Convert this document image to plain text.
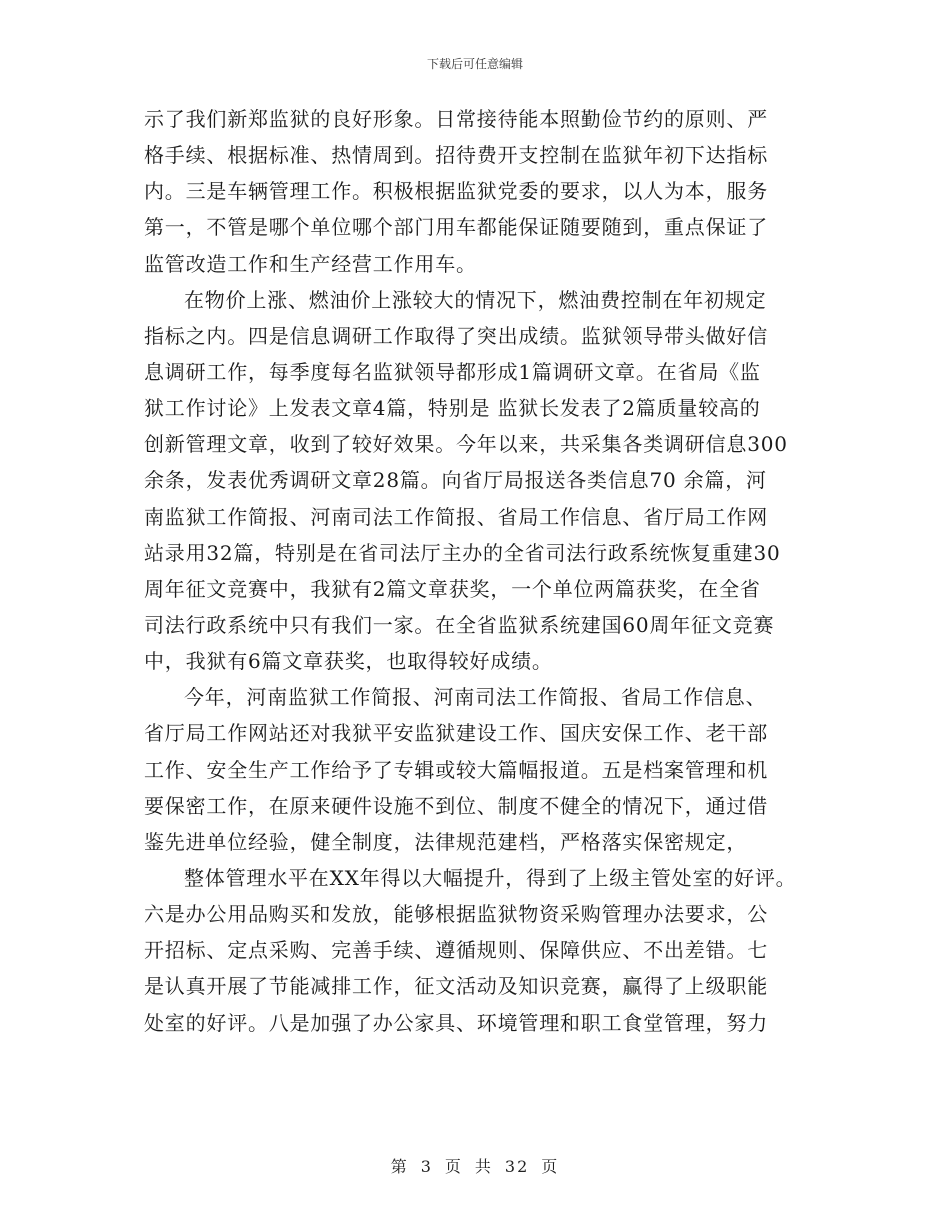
下载后可任意编辑
示了我们新郑监狱的良好形象。日常接待能本照勤俭节约的原则、严
格手续、根据标准、热情周到。招待费开支控制在监狱年初下达指标
内。三是车辆管理工作。积极根据监狱党委的要求，以人为本，服务
第一，不管是哪个单位哪个部门用车都能保证随要随到，重点保证了
监管改造工作和生产经营工作用车。
在物价上涨、燃油价上涨较大的情况下，燃油费控制在年初规定
指标之内。四是信息调研工作取得了突出成绩。监狱领导带头做好信
息调研工作，每季度每名监狱领导都形成1篇调研文章。在省局《监
狱工作讨论》上发表文章4篇，特别是 监狱长发表了2篇质量较高的
创新管理文章，收到了较好效果。今年以来，共采集各类调研信息300
余条，发表优秀调研文章28篇。向省厅局报送各类信息70 余篇，河
南监狱工作简报、河南司法工作简报、省局工作信息、省厅局工作网
站录用32篇，特别是在省司法厅主办的全省司法行政系统恢复重建30
周年征文竞赛中，我狱有2篇文章获奖，一个单位两篇获奖，在全省
司法行政系统中只有我们一家。在全省监狱系统建国60周年征文竞赛
中，我狱有6篇文章获奖，也取得较好成绩。
今年，河南监狱工作简报、河南司法工作简报、省局工作信息、
省厅局工作网站还对我狱平安监狱建设工作、国庆安保工作、老干部
工作、安全生产工作给予了专辑或较大篇幅报道。五是档案管理和机
要保密工作，在原来硬件设施不到位、制度不健全的情况下，通过借
鉴先进单位经验，健全制度，法律规范建档，严格落实保密规定，
整体管理水平在XX年得以大幅提升，得到了上级主管处室的好评。
六是办公用品购买和发放，能够根据监狱物资采购管理办法要求，公
开招标、定点采购、完善手续、遵循规则、保障供应、不出差错。七
是认真开展了节能减排工作，征文活动及知识竞赛，赢得了上级职能
处室的好评。八是加强了办公家具、环境管理和职工食堂管理，努力
第 3 页 共 32 页
